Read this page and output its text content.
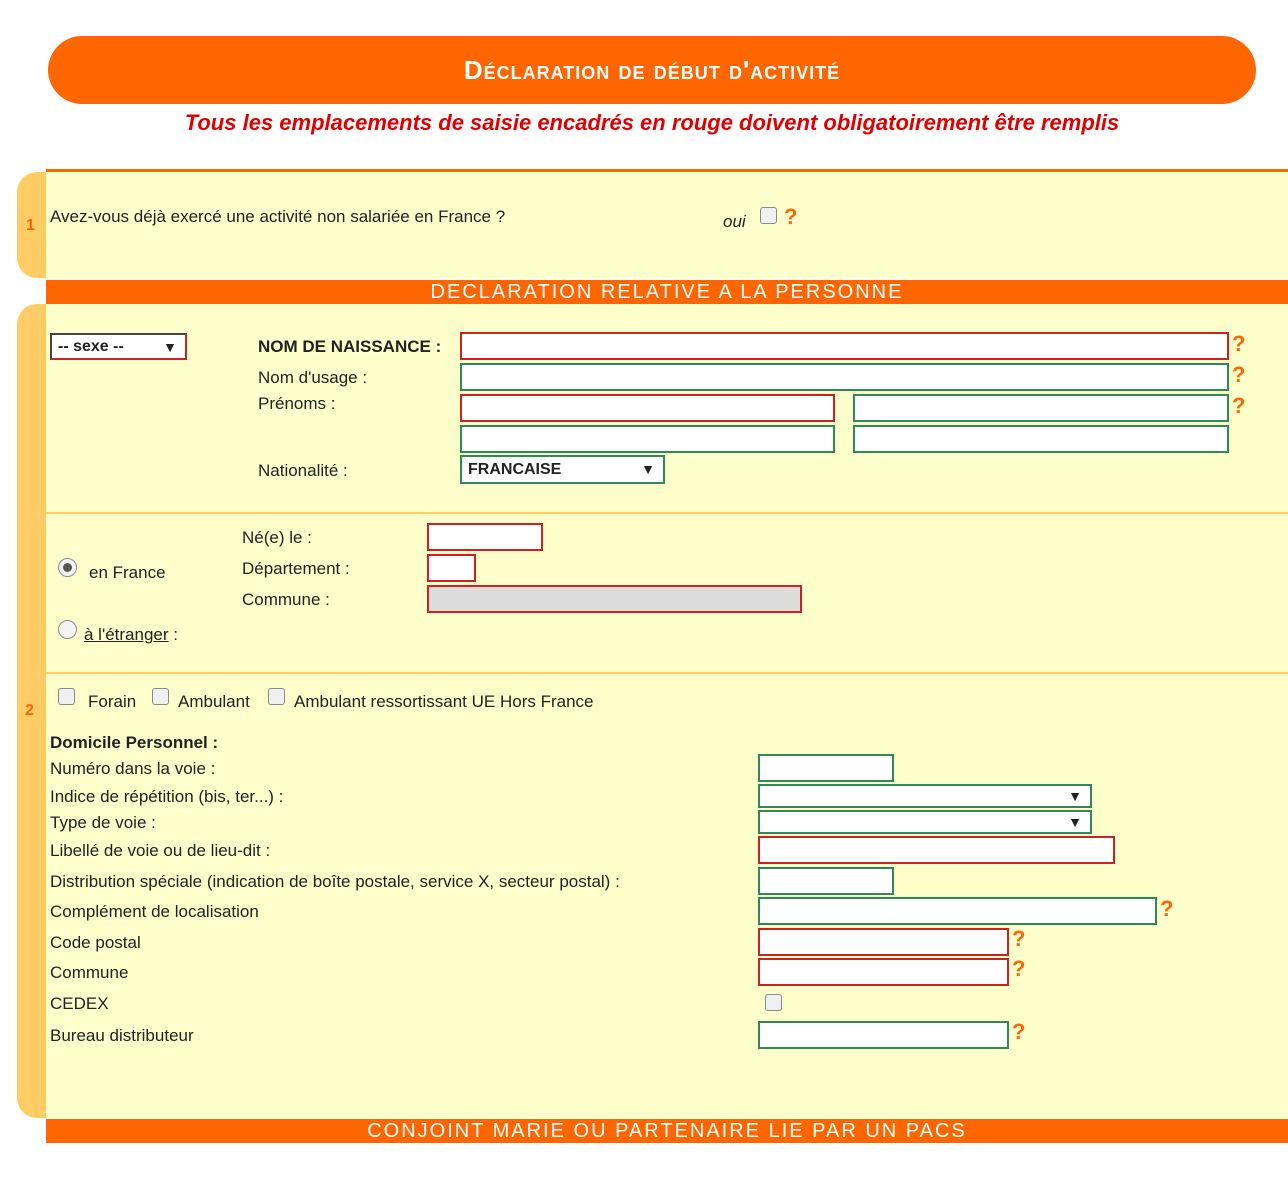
Déclaration de début d'activité
Tous les emplacements de saisie encadrés en rouge doivent obligatoirement être remplis
1 Avez-vous déjà exercé une activité non salariée en France ?	oui ?
DECLARATION RELATIVE A LA PERSONNE
2
-- sexe --	▼	NOM DE NAISSANCE :	?
Nom d'usage :	?
Prénoms :	?
Nationalité :	FRANCAISE	▼
en France
à l'étranger :
Né(e) le :
Département :
Commune :
Forain Ambulant	Ambulant ressortissant UE Hors France
Domicile Personnel :
Numéro dans la voie :
Indice de répétition (bis, ter...) :	▼
Type de voie :	▼
Libellé de voie ou de lieu-dit :
Distribution spéciale (indication de boîte postale, service X, secteur postal) :
Complément de localisation	?
Code postal	?
Commune	?
CEDEX
Bureau distributeur	?
CONJOINT MARIE OU PARTENAIRE LIE PAR UN PACS
